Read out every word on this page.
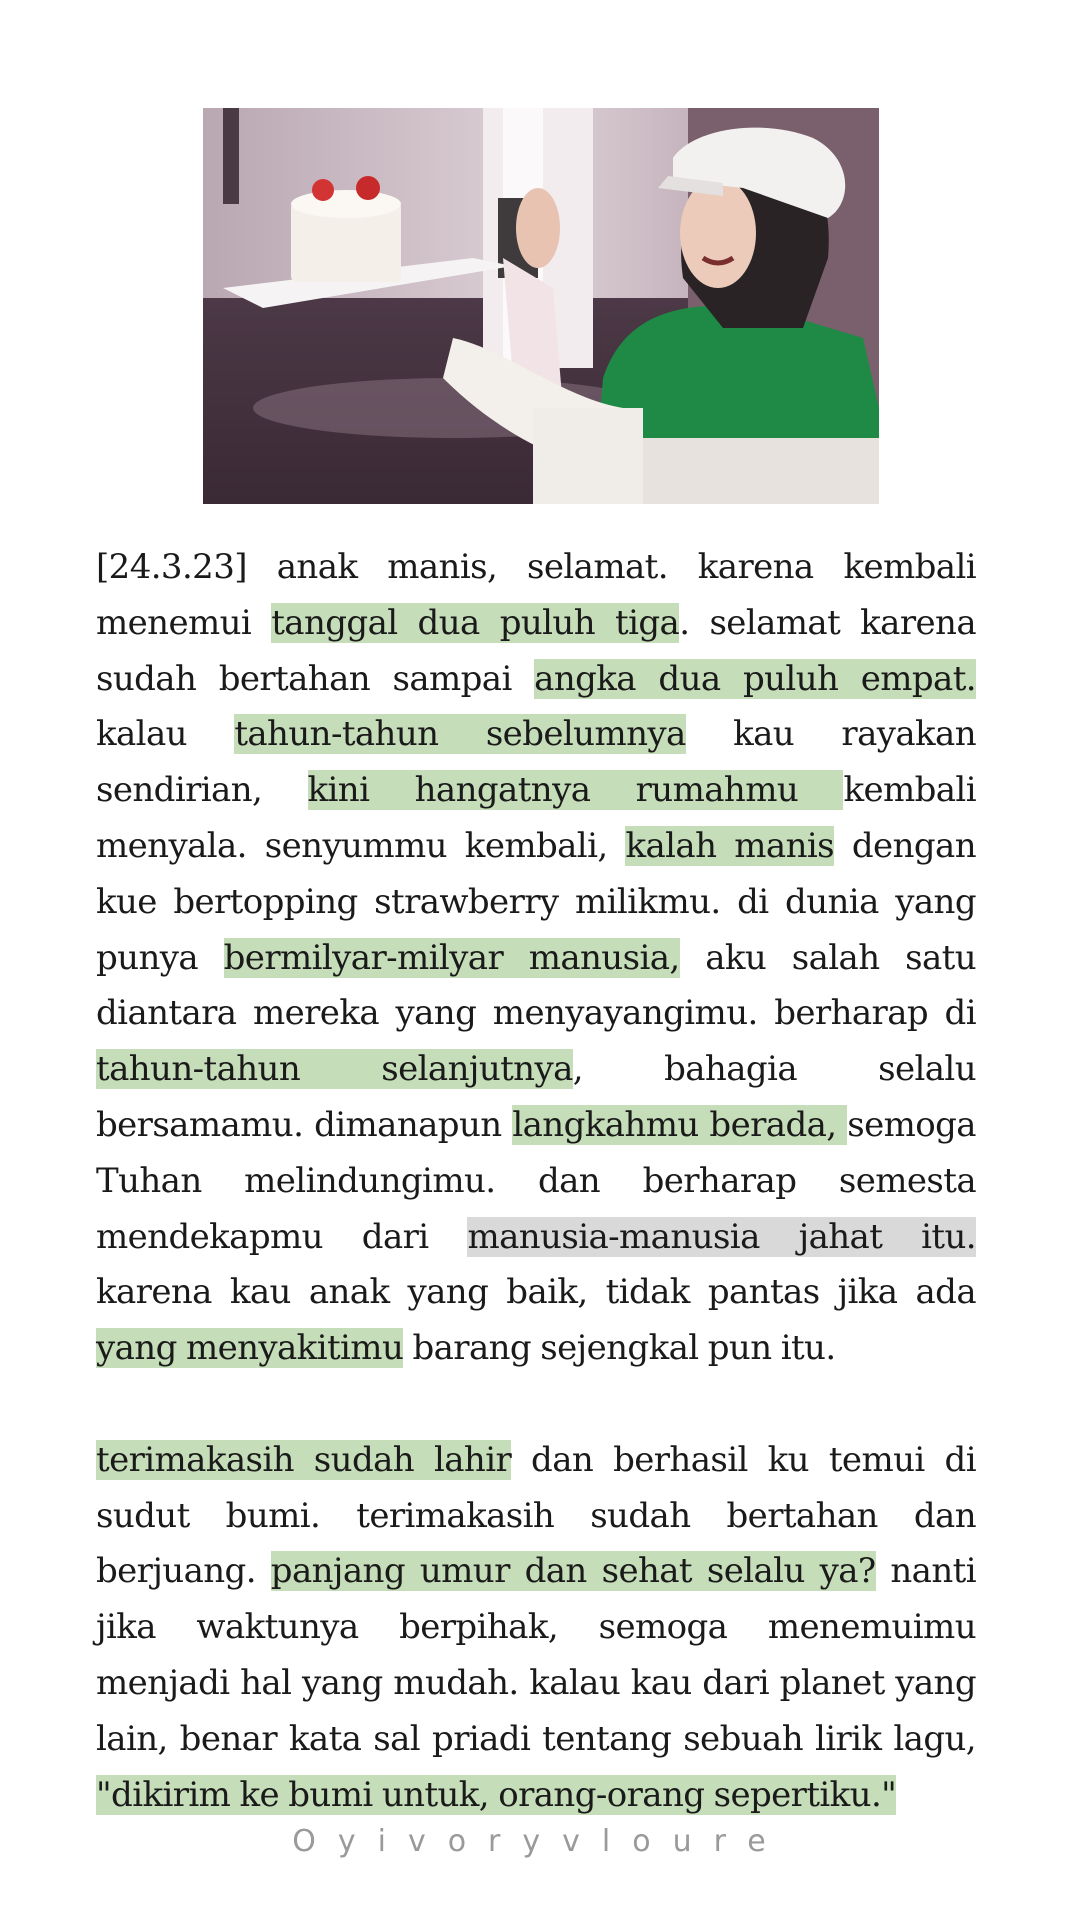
[24.3.23] anak manis, selamat. karena kembali menemui tanggal dua puluh tiga. selamat karena sudah bertahan sampai angka dua puluh empat. kalau tahun-tahun sebelumnya kau rayakan sendirian, kini hangatnya rumahmu kembali menyala. senyummu kembali, kalah manis dengan kue bertopping strawberry milikmu. di dunia yang punya bermilyar-milyar manusia, aku salah satu diantara mereka yang menyayangimu. berharap di tahun-tahun selanjutnya, bahagia selalu bersamamu. dimanapun langkahmu berada, semoga Tuhan melindungimu. dan berharap semesta mendekapmu dari manusia-manusia jahat itu. karena kau anak yang baik, tidak pantas jika ada yang menyakitimu barang sejengkal pun itu.

terimakasih sudah lahir dan berhasil ku temui di sudut bumi. terimakasih sudah bertahan dan berjuang. panjang umur dan sehat selalu ya? nanti jika waktunya berpihak, semoga menemuimu menjadi hal yang mudah. kalau kau dari planet yang lain, benar kata sal priadi tentang sebuah lirik lagu, "dikirim ke bumi untuk, orang-orang sepertiku."

Oyivoryvloure
